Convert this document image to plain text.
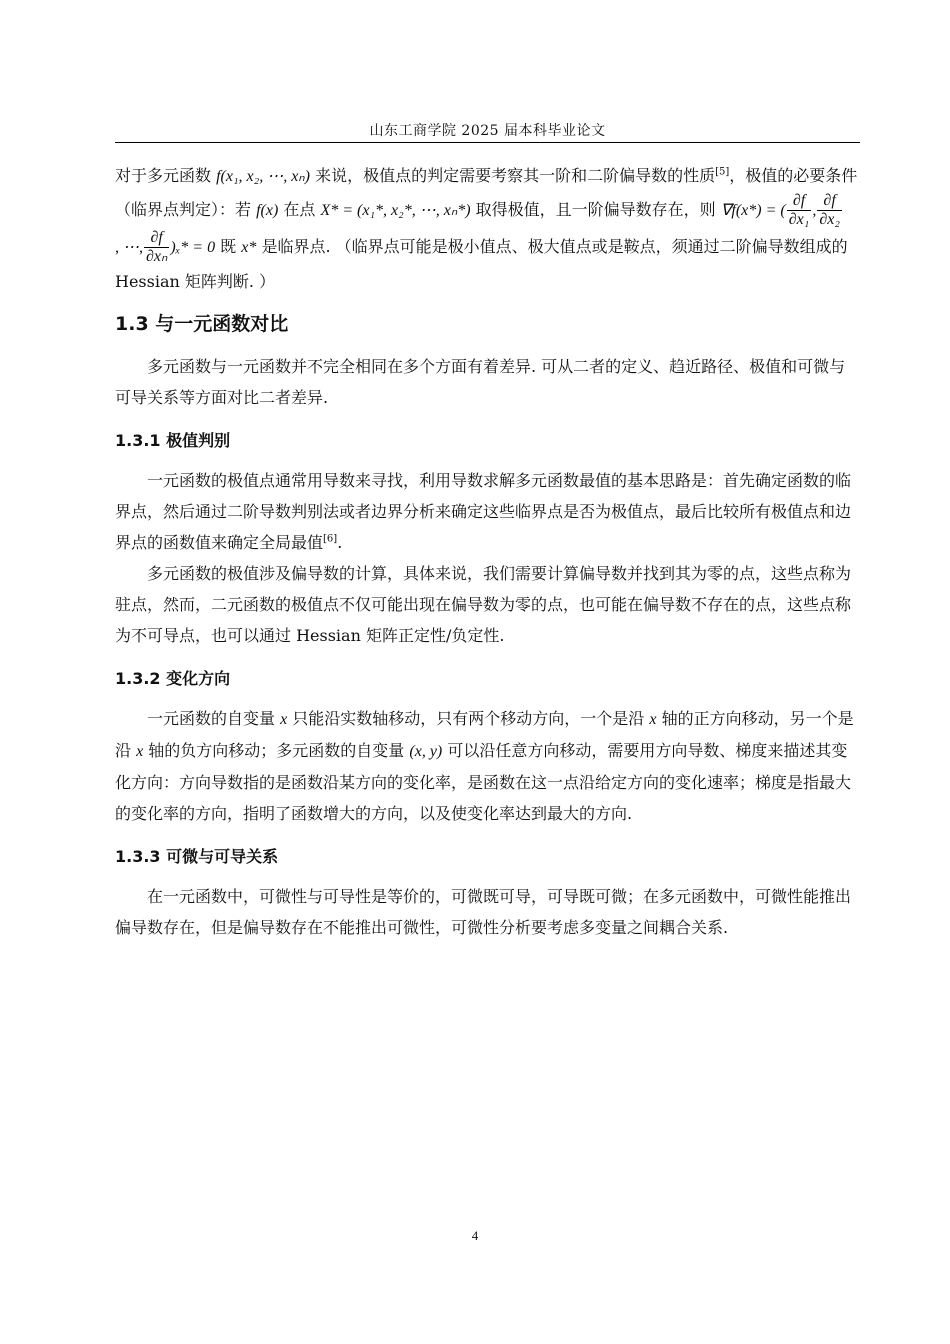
山东工商学院 2025 届本科毕业论文

对于多元函数 f(x₁, x₂, ⋯, xₙ) 来说，极值点的判定需要考察其一阶和二阶偏导数的性质[5]，极值的必要条件（临界点判定）：若 f(x) 在点 X* = (x₁*, x₂*, ⋯, xₙ*) 取得极值，且一阶偏导数存在，则 ∇f(x*) = ( $\frac{\partial f}{\text{∂x₁}}$ , $\frac{\partial f}{\text{∂x₂}}$
, ⋯, $\frac{\partial f}{\text{∂xₙ}} )_x* = 0$ 既 x* 是临界点. （临界点可能是极小值点、极大值点或是鞍点，须通过二阶偏导数组成的 Hessian 矩阵判断. ）

1.3 与一元函数对比

多元函数与一元函数并不完全相同在多个方面有着差异. 可从二者的定义、趋近路径、极值和可微与可导关系等方面对比二者差异.

1.3.1 极值判别

一元函数的极值点通常用导数来寻找，利用导数求解多元函数最值的基本思路是：首先确定函数的临界点，然后通过二阶导数判别法或者边界分析来确定这些临界点是否为极值点，最后比较所有极值点和边界点的函数值来确定全局最值[6].

多元函数的极值涉及偏导数的计算，具体来说，我们需要计算偏导数并找到其为零的点，这些点称为驻点，然而，二元函数的极值点不仅可能出现在偏导数为零的点，也可能在偏导数不存在的点，这些点称为不可导点，也可以通过 Hessian 矩阵正定性/负定性.

1.3.2 变化方向

一元函数的自变量 x 只能沿实数轴移动，只有两个移动方向，一个是沿 x 轴的正方向移动，另一个是沿 x 轴的负方向移动；多元函数的自变量 (x, y) 可以沿任意方向移动，需要用方向导数、梯度来描述其变化方向：方向导数指的是函数沿某方向的变化率，是函数在这一点沿给定方向的变化速率；梯度是指最大的变化率的方向，指明了函数增大的方向，以及使变化率达到最大的方向.

1.3.3 可微与可导关系

在一元函数中，可微性与可导性是等价的，可微既可导，可导既可微；在多元函数中，可微性能推出偏导数存在，但是偏导数存在不能推出可微性，可微性分析要考虑多变量之间耦合关系.

4
